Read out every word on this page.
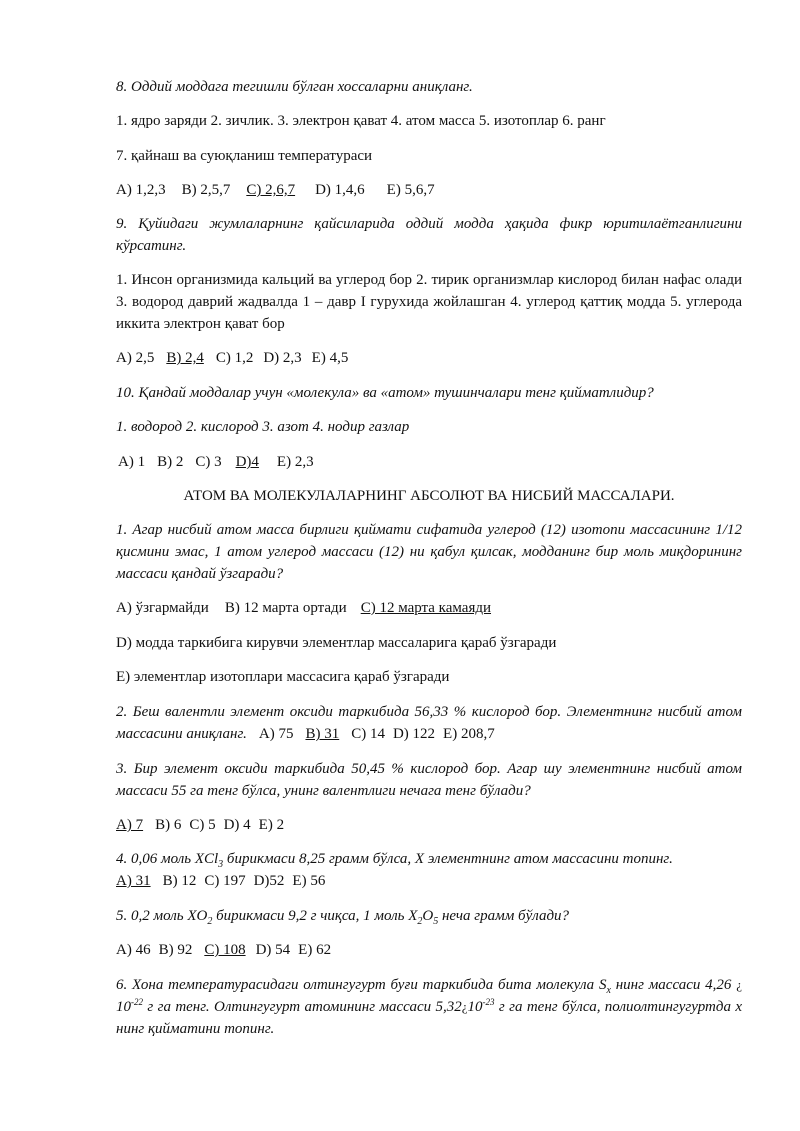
8. Оддий моддага тегишли бўлган хоссаларни аниқланг.

1. ядро заряди 2. зичлик. 3. электрон қават 4. атом масса 5. изотоплар 6. ранг

7. қайнаш ва суюқланиш температураси

A) 1,2,3 B) 2,5,7 C) 2,6,7 D) 1,4,6 E) 5,6,7

9. Қуйидаги жумлаларнинг қайсиларида оддий модда ҳақида фикр юритилаётганлигини кўрсатинг.

1. Инсон организмида кальций ва углерод бор 2. тирик организмлар кислород билан нафас олади 3. водород даврий жадвалда 1 – давр I гурухида жойлашган 4. углерод қаттиқ модда 5. углерода иккита электрон қават бор

A) 2,5 B) 2,4 C) 1,2 D) 2,3 E) 4,5

10. Қандай моддалар учун «молекула» ва «атом» тушинчалари тенг қийматлидир?

1. водород 2. кислород 3. азот 4. нодир газлар

A) 1 B) 2 C) 3 D)4 E) 2,3

АТОМ ВА МОЛЕКУЛАЛАРНИНГ АБСОЛЮТ ВА НИСБИЙ МАССАЛАРИ.

1. Агар нисбий атом масса бирлиги қиймати сифатида углерод (12) изотопи массасининг 1/12 қисмини эмас, 1 атом углерод массаси (12) ни қабул қилсак, модданинг бир моль миқдорининг массаси қандай ўзгаради?

A) ўзгармайди B) 12 марта ортади C) 12 марта камаяди

D) модда таркибига кирувчи элементлар массаларига қараб ўзгаради

E) элементлар изотоплари массасига қараб ўзгаради

2. Беш валентли элемент оксиди таркибида 56,33 % кислород бор. Элементнинг нисбий атом массасини аниқланг. A) 75 B) 31 C) 14 D) 122 E) 208,7

3. Бир элемент оксиди таркибида 50,45 % кислород бор. Агар шу элементнинг нисбий атом массаси 55 га тенг бўлса, унинг валентлиги нечага тенг бўлади?

A) 7 B) 6 C) 5 D) 4 E) 2

4. 0,06 моль XCl$_3$ бирикмаси 8,25 грамм бўлса, X элементнинг атом массасини топинг.

A) 31 B) 12 C) 197 D)52 E) 56

5. 0,2 моль $XO_2$ бирикмаси 9,2 г чиқса, 1 моль $X_2O_5$ неча грамм бўлади?

A) 46 B) 92 C) 108 D) 54 E) 62

6. Хона температурасидаги олтингугурт буғи таркибида бита молекула $S_x$ нинг массаси 4,26 ¿ $10^{-22}$ г га тенг. Олтингугурт атомининг массаси $5,32¿10^{-23}$ г га тенг бўлса, полиолтингугуртда x нинг қийматини топинг.
